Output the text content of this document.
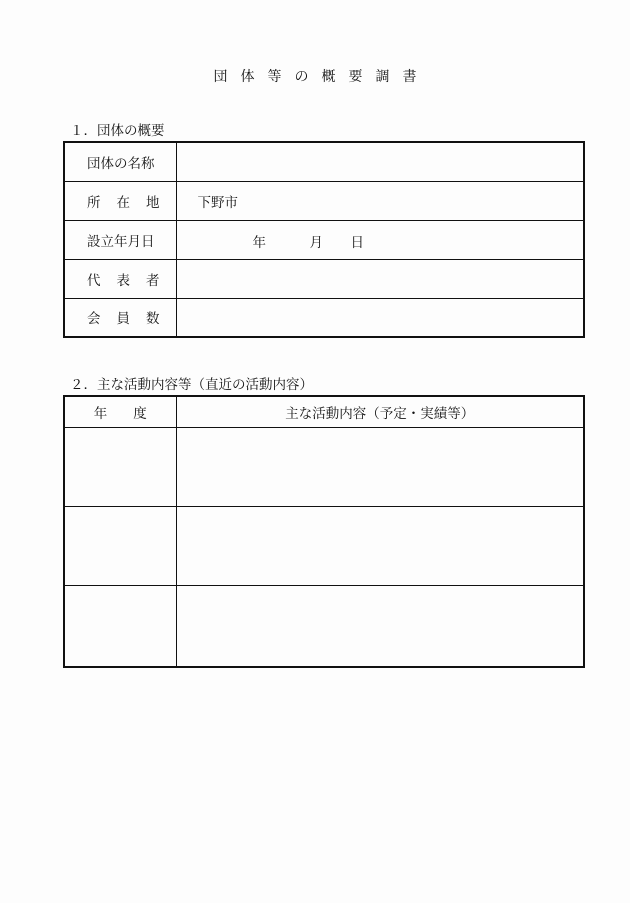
団体等の概要調書
１．団体の概要
団体の名称	
所在地	下野市
設立年月日	年 月 日

代表者	
会員数	
２．主な活動内容等（直近の活動内容）
年度	主な活動内容（予定・実績等）
